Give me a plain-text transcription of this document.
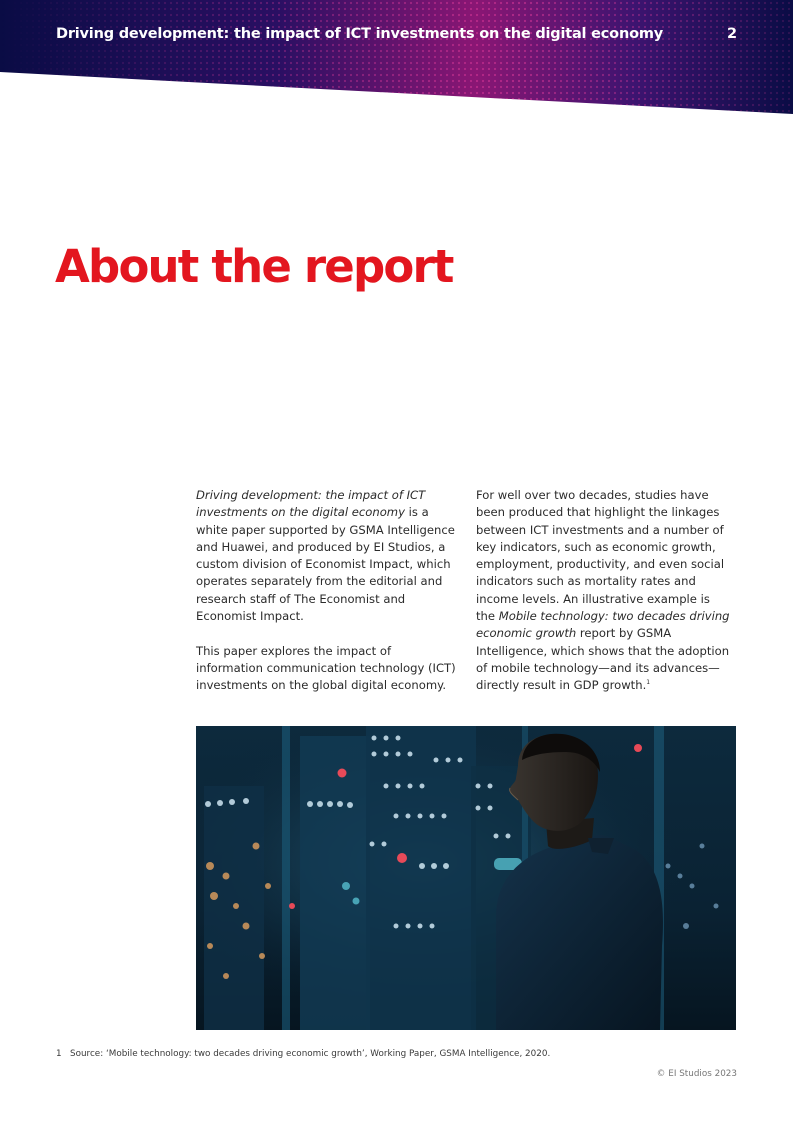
Driving development: the impact of ICT investments on the digital economy	2
About the report

Driving development: the impact of ICT investments on the digital economy is a white paper supported by GSMA Intelligence and Huawei, and produced by EI Studios, a custom division of Economist Impact, which operates separately from the editorial and research staff of The Economist and Economist Impact.

This paper explores the impact of information communication technology (ICT) investments on the global digital economy.

For well over two decades, studies have been produced that highlight the linkages between ICT investments and a number of key indicators, such as economic growth, employment, productivity, and even social indicators such as mortality rates and income levels. An illustrative example is the Mobile technology: two decades driving economic growth report by GSMA Intelligence, which shows that the adoption of mobile technology—and its advances—directly result in GDP growth.$^1$

1 Source: ‘Mobile technology: two decades driving economic growth’, Working Paper, GSMA Intelligence, 2020.
© EI Studios 2023
